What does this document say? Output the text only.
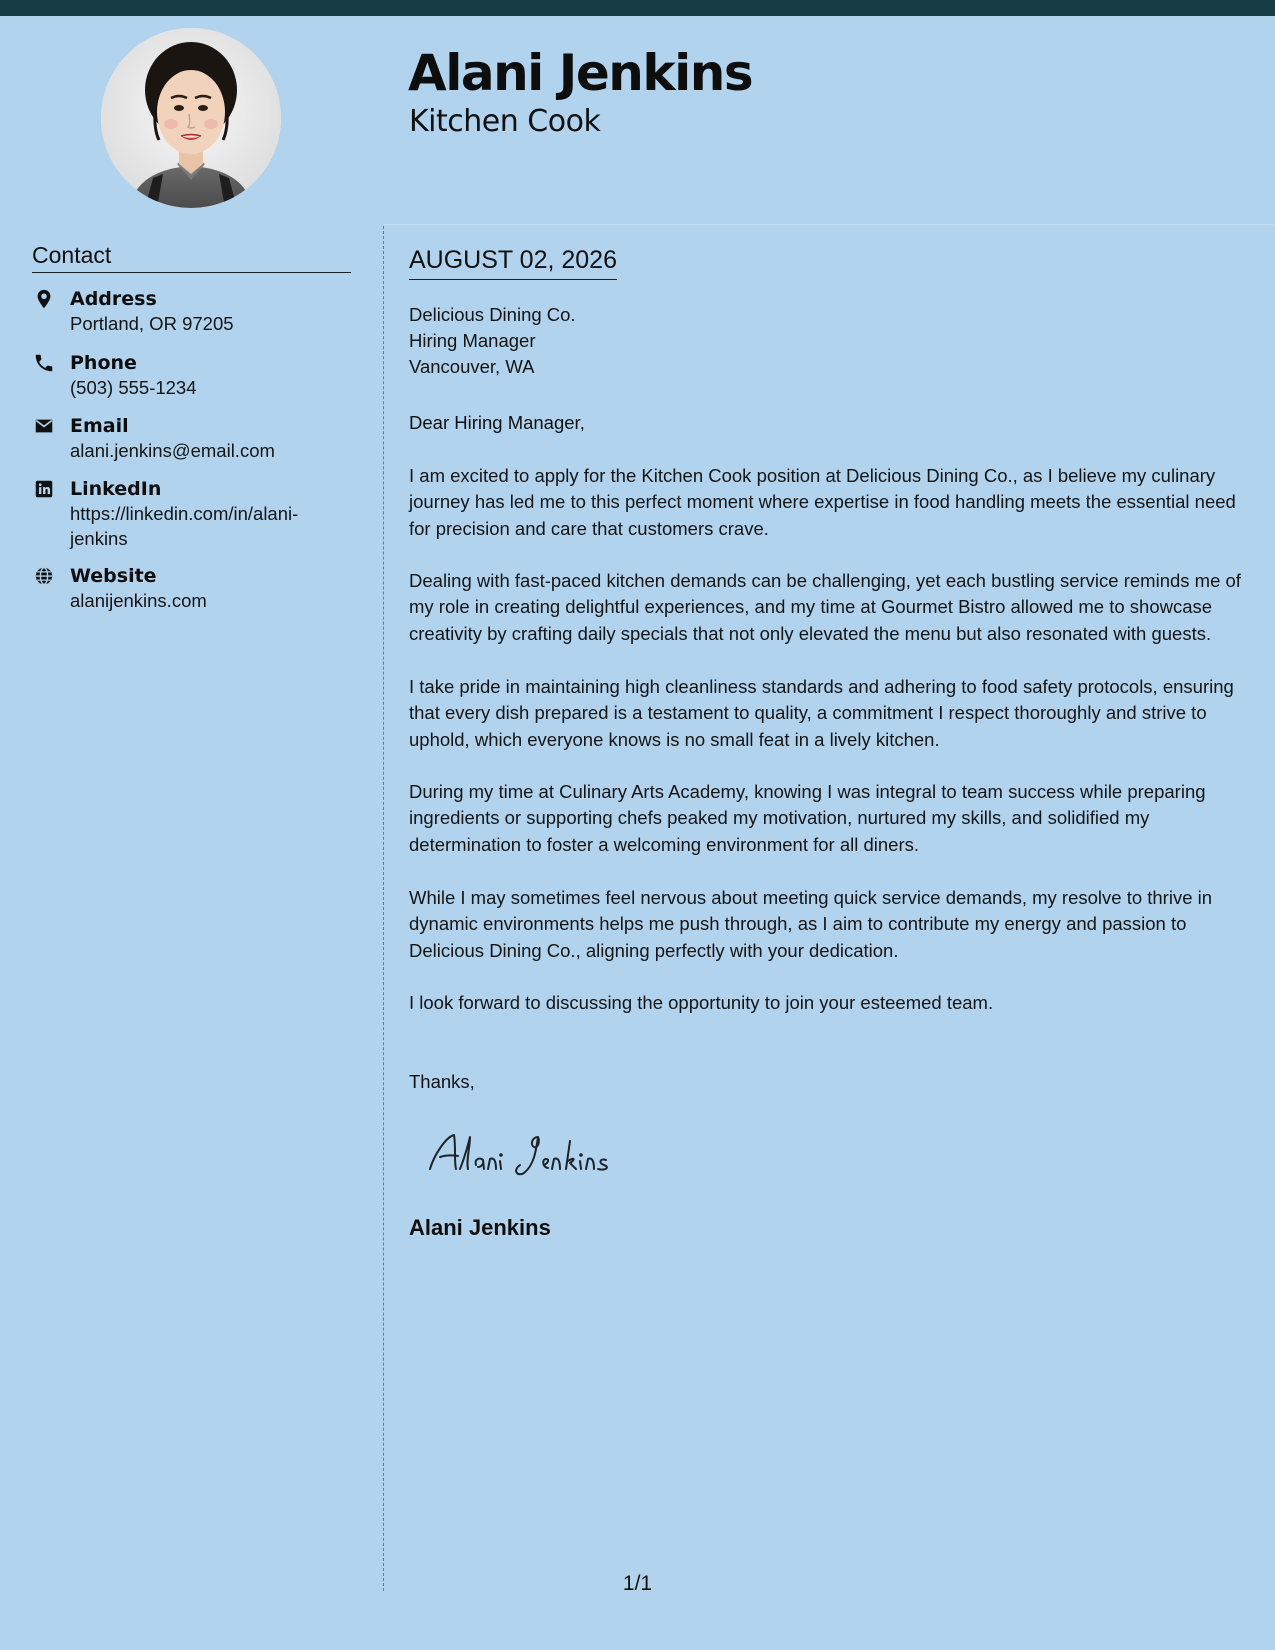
Alani Jenkins
Kitchen Cook
Contact
Address
Portland, OR 97205
Phone
(503) 555-1234
Email
alani.jenkins@email.com
LinkedIn
https://linkedin.com/in/alani-jenkins
Website
alanijenkins.com
AUGUST 02, 2026
Delicious Dining Co.
Hiring Manager
Vancouver, WA
Dear Hiring Manager,
I am excited to apply for the Kitchen Cook position at Delicious Dining Co., as I believe my culinary journey has led me to this perfect moment where expertise in food handling meets the essential need for precision and care that customers crave.
Dealing with fast-paced kitchen demands can be challenging, yet each bustling service reminds me of my role in creating delightful experiences, and my time at Gourmet Bistro allowed me to showcase creativity by crafting daily specials that not only elevated the menu but also resonated with guests.
I take pride in maintaining high cleanliness standards and adhering to food safety protocols, ensuring that every dish prepared is a testament to quality, a commitment I respect thoroughly and strive to uphold, which everyone knows is no small feat in a lively kitchen.
During my time at Culinary Arts Academy, knowing I was integral to team success while preparing ingredients or supporting chefs peaked my motivation, nurtured my skills, and solidified my determination to foster a welcoming environment for all diners.
While I may sometimes feel nervous about meeting quick service demands, my resolve to thrive in dynamic environments helps me push through, as I aim to contribute my energy and passion to Delicious Dining Co., aligning perfectly with your dedication.
I look forward to discussing the opportunity to join your esteemed team.
Thanks,
Alani Jenkins
1/1
